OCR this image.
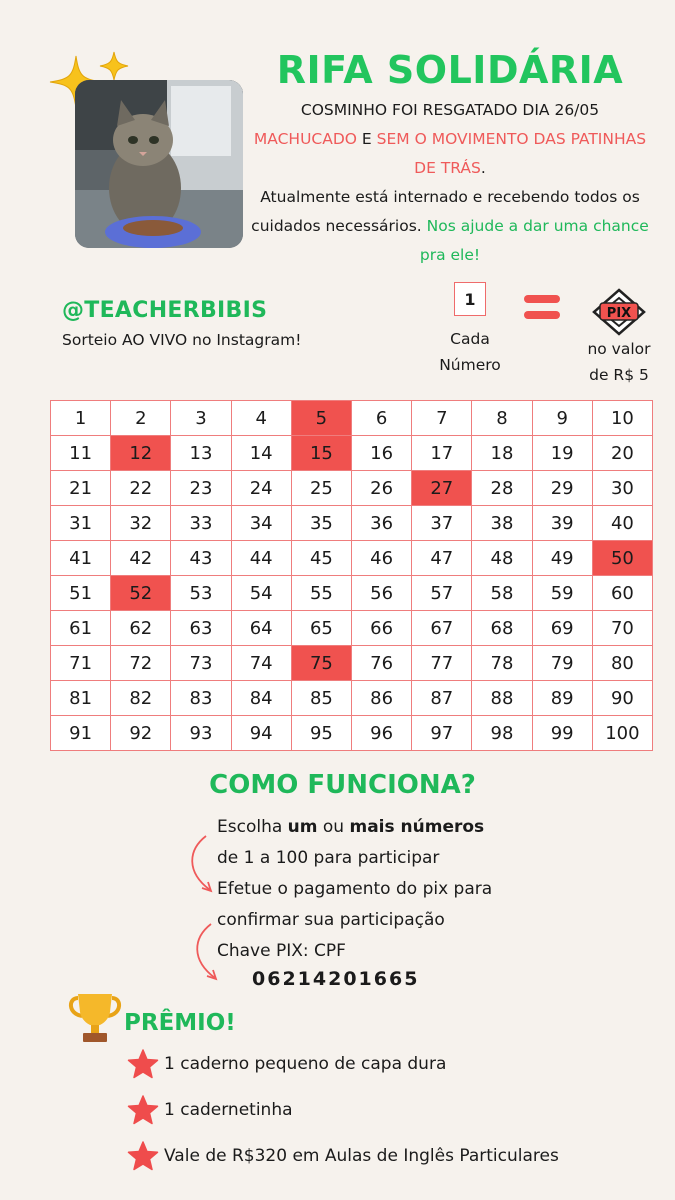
RIFA SOLIDÁRIA
COSMINHO FOI RESGATADO DIA 26/05
MACHUCADO E SEM O MOVIMENTO DAS PATINHAS DE TRÁS.
Atualmente está internado e recebendo todos os cuidados necessários. Nos ajude a dar uma chance pra ele!
@TEACHERBIBIS
Sorteio AO VIVO no Instagram!
1
Cada
Número
PIX
no valor
de R$ 5
1	2	3	4	5	6	7	8	9	10
11	12	13	14	15	16	17	18	19	20
21	22	23	24	25	26	27	28	29	30
31	32	33	34	35	36	37	38	39	40
41	42	43	44	45	46	47	48	49	50
51	52	53	54	55	56	57	58	59	60
61	62	63	64	65	66	67	68	69	70
71	72	73	74	75	76	77	78	79	80
81	82	83	84	85	86	87	88	89	90
91	92	93	94	95	96	97	98	99	100
COMO FUNCIONA?
Escolha um ou mais números
de 1 a 100 para participar
Efetue o pagamento do pix para
confirmar sua participação
Chave PIX: CPF
06214201665
PRÊMIO!
1 caderno pequeno de capa dura
1 cadernetinha
Vale de R$320 em Aulas de Inglês Particulares
